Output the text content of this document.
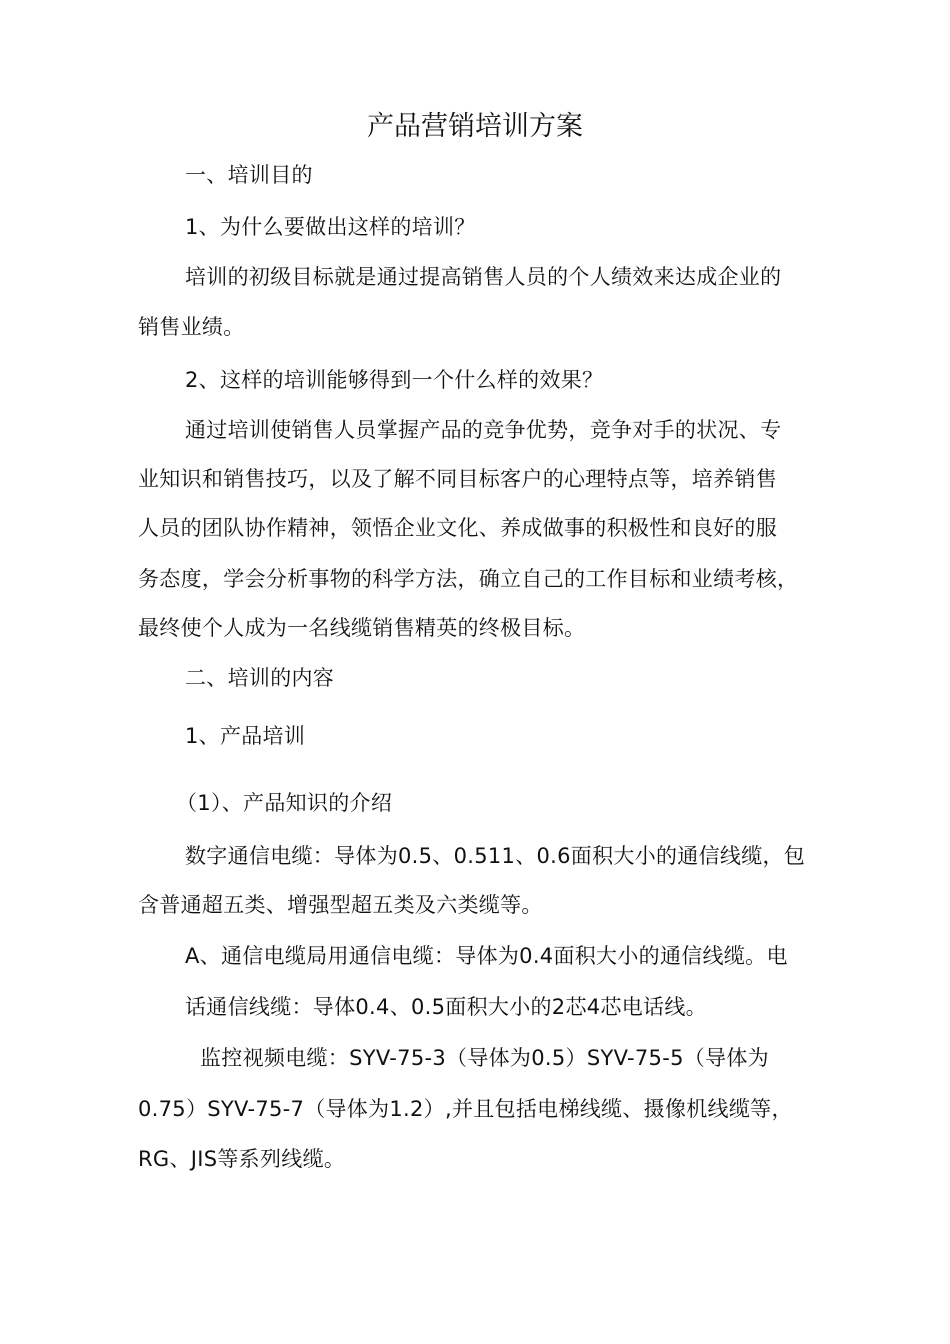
产品营销培训方案
一、培训目的
1、为什么要做出这样的培训？
培训的初级目标就是通过提高销售人员的个人绩效来达成企业的
销售业绩。
2、这样的培训能够得到一个什么样的效果？
通过培训使销售人员掌握产品的竞争优势，竞争对手的状况、专
业知识和销售技巧，以及了解不同目标客户的心理特点等，培养销售
人员的团队协作精神，领悟企业文化、养成做事的积极性和良好的服
务态度，学会分析事物的科学方法，确立自己的工作目标和业绩考核，
最终使个人成为一名线缆销售精英的终极目标。
二、培训的内容
1、产品培训
（1）、产品知识的介绍
数字通信电缆：导体为0.5、0.511、0.6面积大小的通信线缆，包
含普通超五类、增强型超五类及六类缆等。
A、通信电缆局用通信电缆：导体为0.4面积大小的通信线缆。电
话通信线缆：导体0.4、0.5面积大小的2芯4芯电话线。
监控视频电缆：SYV-75-3（导体为0.5）SYV-75-5（导体为
0.75）SYV-75-7（导体为1.2）,并且包括电梯线缆、摄像机线缆等，
RG、JIS等系列线缆。
